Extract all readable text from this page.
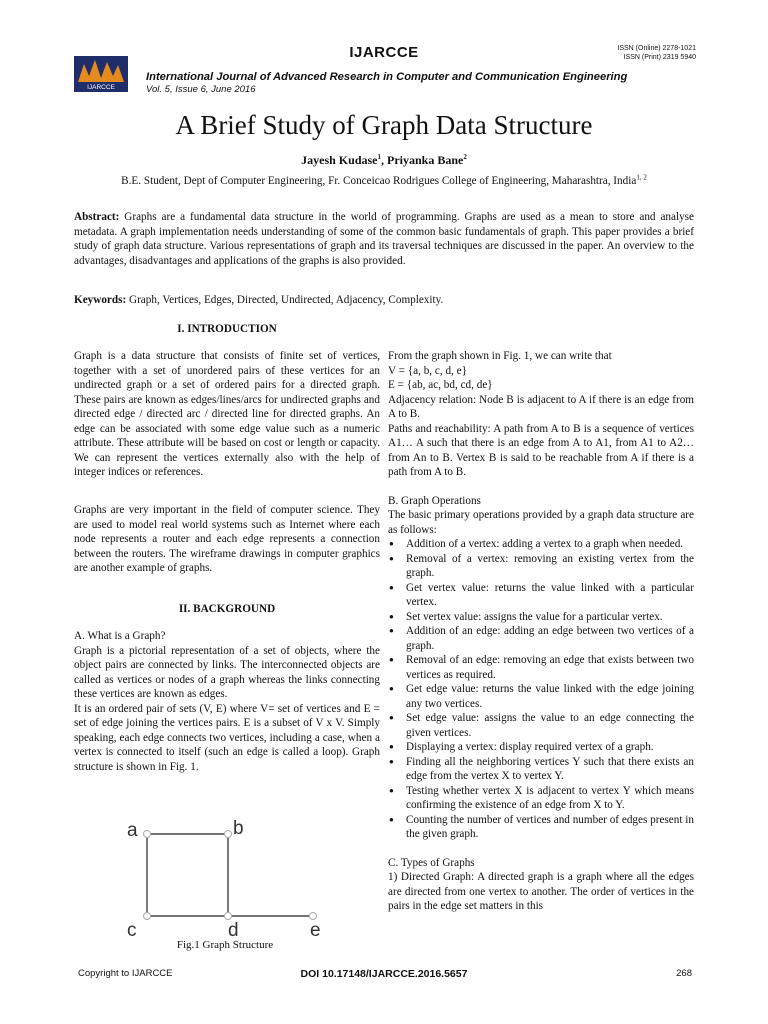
IJARCCE	ISSN (Online) 2278-1021
ISSN (Print) 2319 5940
IJARCCE
International Journal of Advanced Research in Computer and Communication Engineering
Vol. 5, Issue 6, June 2016
A Brief Study of Graph Data Structure
Jayesh Kudase$^1$, Priyanka Bane$^2$
B.E. Student, Dept of Computer Engineering, Fr. Conceicao Rodrigues College of Engineering, Maharashtra, India$^{1, 2}$
Abstract: Graphs are a fundamental data structure in the world of programming. Graphs are used as a mean to store and analyse metadata. A graph implementation needs understanding of some of the common basic fundamentals of graph. This paper provides a brief study of graph data structure. Various representations of graph and its traversal techniques are discussed in the paper. An overview to the advantages, disadvantages and applications of the graphs is also provided.
Keywords: Graph, Vertices, Edges, Directed, Undirected, Adjacency, Complexity.
I. INTRODUCTION

Graph is a data structure that consists of finite set of vertices, together with a set of unordered pairs of these vertices for an undirected graph or a set of ordered pairs for a directed graph. These pairs are known as edges/lines/arcs for undirected graphs and directed edge / directed arc / directed line for directed graphs. An edge can be associated with some edge value such as a numeric attribute. These attribute will be based on cost or length or capacity. We can represent the vertices externally also with the help of integer indices or references.

Graphs are very important in the field of computer science. They are used to model real world systems such as Internet where each node represents a router and each edge represents a connection between the routers. The wireframe drawings in computer graphics are another example of graphs.

II. BACKGROUND

A. What is a Graph?

Graph is a pictorial representation of a set of objects, where the object pairs are connected by links. The interconnected objects are called as vertices or nodes of a graph whereas the links connecting these vertices are known as edges.

It is an ordered pair of sets (V, E) where V= set of vertices and E = set of edge joining the vertices pairs. E is a subset of V x V. Simply speaking, each edge connects two vertices, including a case, when a vertex is connected to itself (such an edge is called a loop). Graph structure is shown in Fig. 1.

a	b
c	d	e
Fig.1 Graph Structure

From the graph shown in Fig. 1, we can write that

V = {a, b, c, d, e}

E = {ab, ac, bd, cd, de}

Adjacency relation: Node B is adjacent to A if there is an edge from A to B.

Paths and reachability: A path from A to B is a sequence of vertices A1… A such that there is an edge from A to A1, from A1 to A2… from An to B. Vertex B is said to be reachable from A if there is a path from A to B.

B. Graph Operations

The basic primary operations provided by a graph data structure are as follows:

● Addition of a vertex: adding a vertex to a graph when needed.
● Removal of a vertex: removing an existing vertex from the graph.
● Get vertex value: returns the value linked with a particular vertex.
● Set vertex value: assigns the value for a particular vertex.
● Addition of an edge: adding an edge between two vertices of a graph.
● Removal of an edge: removing an edge that exists between two vertices as required.
● Get edge value: returns the value linked with the edge joining any two vertices.
● Set edge value: assigns the value to an edge connecting the given vertices.
● Displaying a vertex: display required vertex of a graph.
● Finding all the neighboring vertices Y such that there exists an edge from the vertex X to vertex Y.
● Testing whether vertex X is adjacent to vertex Y which means confirming the existence of an edge from X to Y.
● Counting the number of vertices and number of edges present in the given graph.

C. Types of Graphs

1) Directed Graph: A directed graph is a graph where all the edges are directed from one vertex to another. The order of vertices in the pairs in the edge set matters in this

Copyright to IJARCCE	DOI 10.17148/IJARCCE.2016.5657	268
